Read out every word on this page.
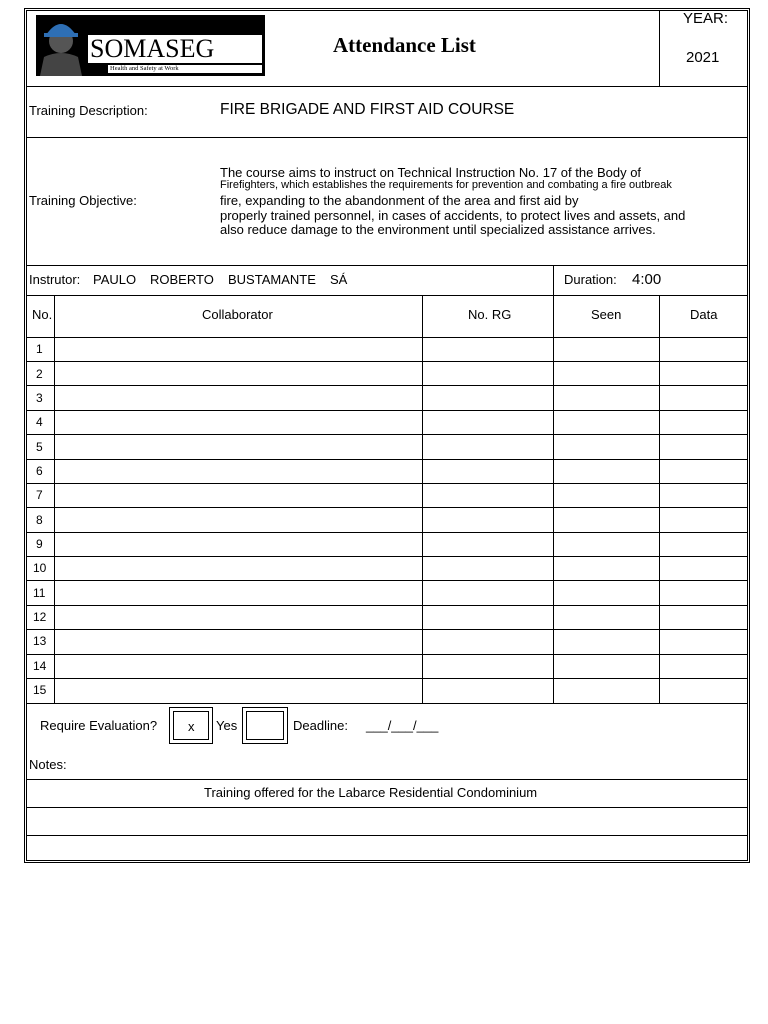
SOMASEG
Health and Safety at Work
Attendance List
YEAR:
2021
Training Description:	FIRE BRIGADE AND FIRST AID COURSE
Training Objective:
The course aims to instruct on Technical Instruction No. 17 of the Body of
Firefighters, which establishes the requirements for prevention and combating a fire outbreak
fire, expanding to the abandonment of the area and first aid by
properly trained personnel, in cases of accidents, to protect lives and assets, and
also reduce damage to the environment until specialized assistance arrives.
Instrutor: PAULO ROBERTO BUSTAMANTE SÁ	Duration: 4:00
No.	Collaborator	No. RG	Seen	Data
1
2
3
4
5
6
7
8
9
10
11
12
13
14
15
Require Evaluation? x Yes	Deadline: ___/___/___
Notes:
Training offered for the Labarce Residential Condominium
